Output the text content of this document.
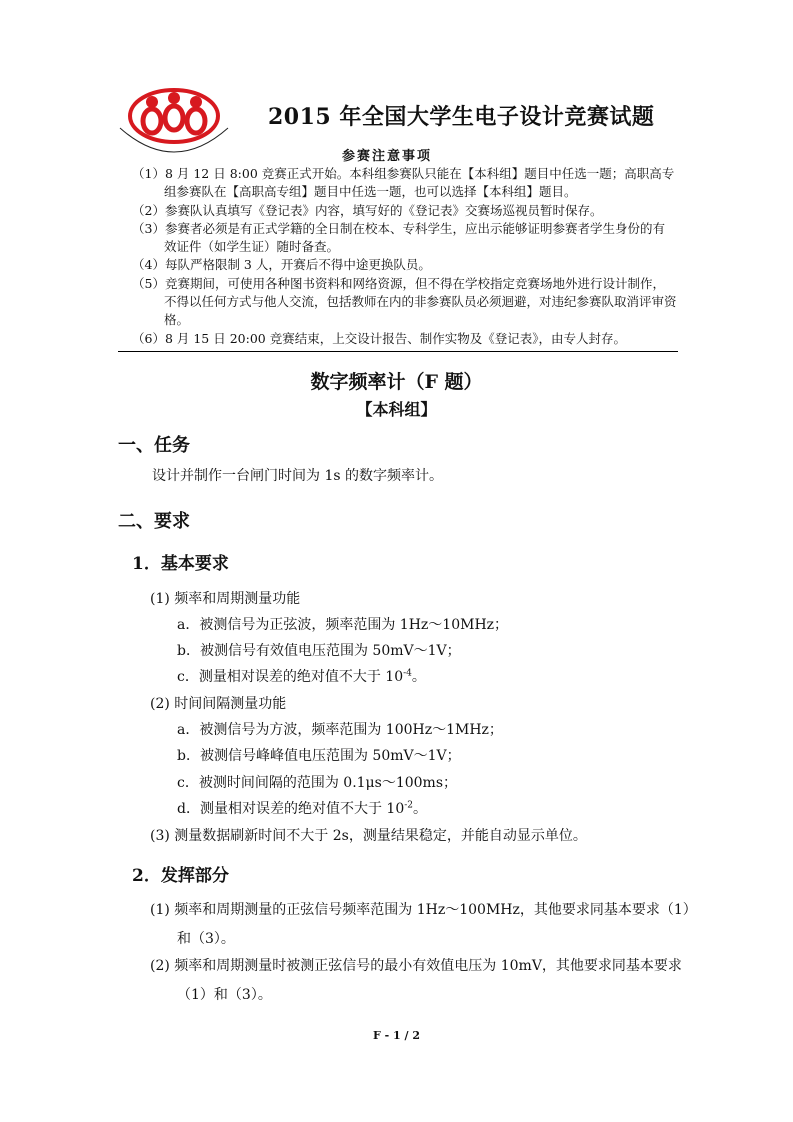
2015 年全国大学生电子设计竞赛试题
参赛注意事项
（1）8 月 12 日 8:00 竞赛正式开始。本科组参赛队只能在【本科组】题目中任选一题；高职高专组参赛队在【高职高专组】题目中任选一题，也可以选择【本科组】题目。
（2）参赛队认真填写《登记表》内容，填写好的《登记表》交赛场巡视员暂时保存。
（3）参赛者必须是有正式学籍的全日制在校本、专科学生，应出示能够证明参赛者学生身份的有效证件（如学生证）随时备查。
（4）每队严格限制 3 人，开赛后不得中途更换队员。
（5）竞赛期间，可使用各种图书资料和网络资源，但不得在学校指定竞赛场地外进行设计制作，不得以任何方式与他人交流，包括教师在内的非参赛队员必须迴避，对违纪参赛队取消评审资格。
（6）8 月 15 日 20:00 竞赛结束，上交设计报告、制作实物及《登记表》，由专人封存。
数字频率计（F 题）
【本科组】
一、任务
设计并制作一台闸门时间为 1s 的数字频率计。
二、要求
1．基本要求
(1) 频率和周期测量功能
a．被测信号为正弦波，频率范围为 1Hz～10MHz；
b．被测信号有效值电压范围为 50mV～1V；
c．测量相对误差的绝对值不大于 $10^{-4}$。
(2) 时间间隔测量功能
a．被测信号为方波，频率范围为 100Hz～1MHz；
b．被测信号峰峰值电压范围为 50mV～1V；
c．被测时间间隔的范围为 0.1μs～100ms；
d．测量相对误差的绝对值不大于 $10^{-2}$。
(3) 测量数据刷新时间不大于 2s，测量结果稳定，并能自动显示单位。
2．发挥部分
(1) 频率和周期测量的正弦信号频率范围为 1Hz～100MHz，其他要求同基本要求（1）和（3）。
(2) 频率和周期测量时被测正弦信号的最小有效值电压为 10mV，其他要求同基本要求（1）和（3）。
F - 1 / 2
